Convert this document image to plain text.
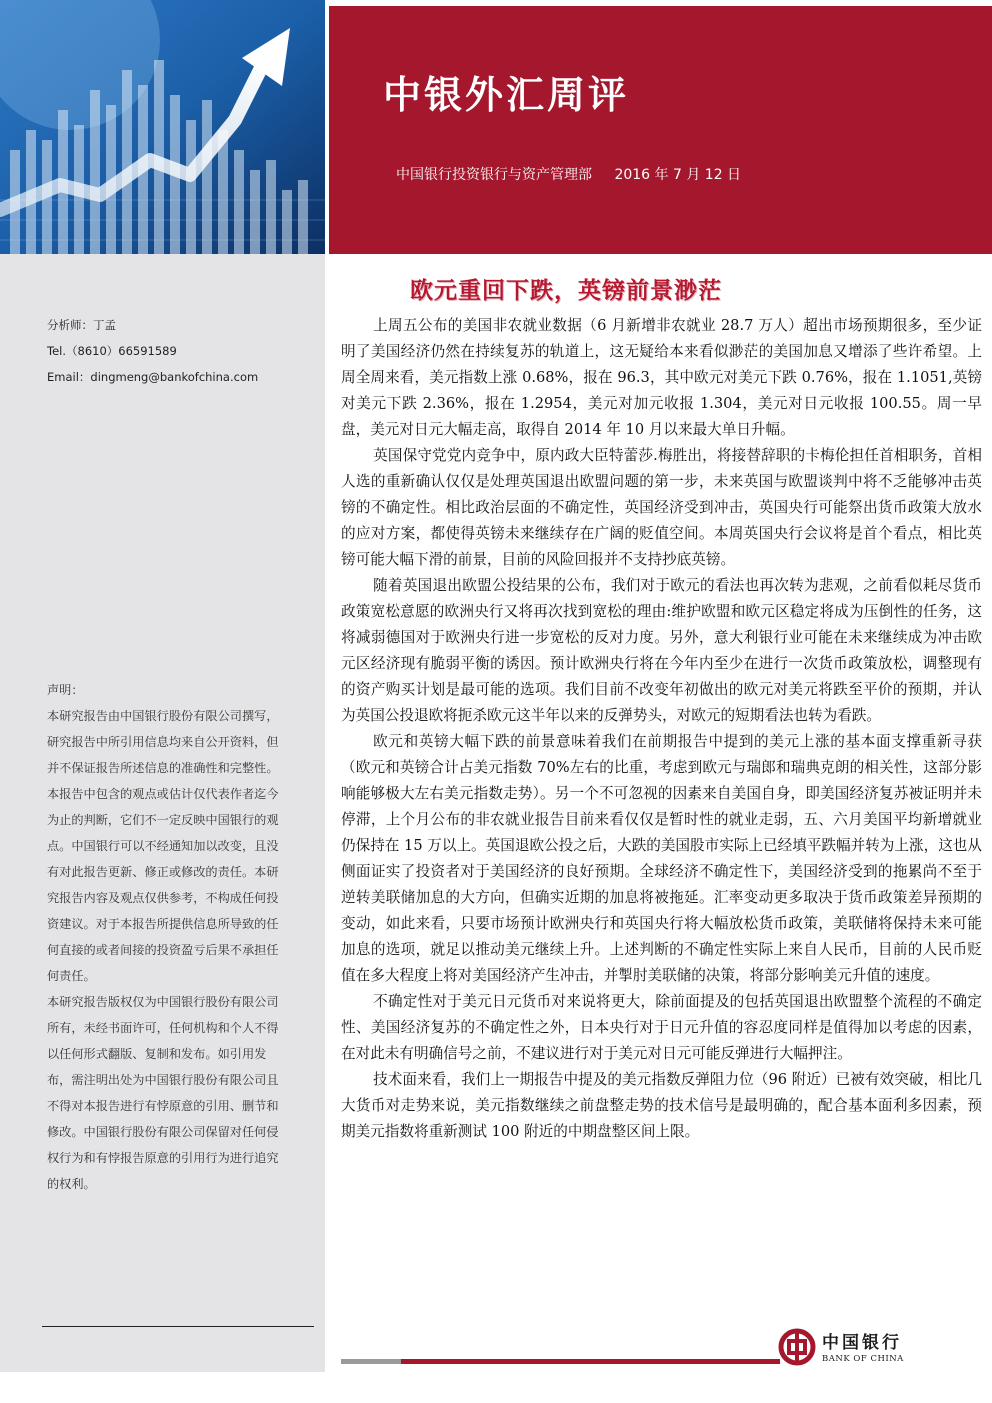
中银外汇周评
中国银行投资银行与资产管理部 2016 年 7 月 12 日
分析师：丁孟
Tel.（8610）66591589
Email：dingmeng@bankofchina.com

声明：

本研究报告由中国银行股份有限公司撰写，研究报告中所引用信息均来自公开资料，但并不保证报告所述信息的准确性和完整性。

本报告中包含的观点或估计仅代表作者迄今为止的判断，它们不一定反映中国银行的观点。中国银行可以不经通知加以改变，且没有对此报告更新、修正或修改的责任。本研究报告内容及观点仅供参考，不构成任何投资建议。对于本报告所提供信息所导致的任何直接的或者间接的投资盈亏后果不承担任何责任。

本研究报告版权仅为中国银行股份有限公司所有，未经书面许可，任何机构和个人不得以任何形式翻版、复制和发布。如引用发布，需注明出处为中国银行股份有限公司且不得对本报告进行有悖原意的引用、删节和修改。中国银行股份有限公司保留对任何侵权行为和有悖报告原意的引用行为进行追究的权利。

欧元重回下跌，英镑前景渺茫

上周五公布的美国非农就业数据（6 月新增非农就业 28.7 万人）超出市场预期很多，至少证明了美国经济仍然在持续复苏的轨道上，这无疑给本来看似渺茫的美国加息又增添了些许希望。上周全周来看，美元指数上涨 0.68%，报在 96.3，其中欧元对美元下跌 0.76%，报在 1.1051,英镑对美元下跌 2.36%，报在 1.2954，美元对加元收报 1.304，美元对日元收报 100.55。周一早盘，美元对日元大幅走高，取得自 2014 年 10 月以来最大单日升幅。

英国保守党党内竞争中，原内政大臣特蕾莎.梅胜出，将接替辞职的卡梅伦担任首相职务，首相人选的重新确认仅仅是处理英国退出欧盟问题的第一步，未来英国与欧盟谈判中将不乏能够冲击英镑的不确定性。相比政治层面的不确定性，英国经济受到冲击，英国央行可能祭出货币政策大放水的应对方案，都使得英镑未来继续存在广阔的贬值空间。本周英国央行会议将是首个看点，相比英镑可能大幅下滑的前景，目前的风险回报并不支持抄底英镑。

随着英国退出欧盟公投结果的公布，我们对于欧元的看法也再次转为悲观，之前看似耗尽货币政策宽松意愿的欧洲央行又将再次找到宽松的理由:维护欧盟和欧元区稳定将成为压倒性的任务，这将减弱德国对于欧洲央行进一步宽松的反对力度。另外，意大利银行业可能在未来继续成为冲击欧元区经济现有脆弱平衡的诱因。预计欧洲央行将在今年内至少在进行一次货币政策放松，调整现有的资产购买计划是最可能的选项。我们目前不改变年初做出的欧元对美元将跌至平价的预期，并认为英国公投退欧将扼杀欧元这半年以来的反弹势头，对欧元的短期看法也转为看跌。

欧元和英镑大幅下跌的前景意味着我们在前期报告中提到的美元上涨的基本面支撑重新寻获（欧元和英镑合计占美元指数 70%左右的比重，考虑到欧元与瑞郎和瑞典克朗的相关性，这部分影响能够极大左右美元指数走势）。另一个不可忽视的因素来自美国自身，即美国经济复苏被证明并未停滞，上个月公布的非农就业报告目前来看仅仅是暂时性的就业走弱，五、六月美国平均新增就业仍保持在 15 万以上。英国退欧公投之后，大跌的美国股市实际上已经填平跌幅并转为上涨，这也从侧面证实了投资者对于美国经济的良好预期。全球经济不确定性下，美国经济受到的拖累尚不至于逆转美联储加息的大方向，但确实近期的加息将被拖延。汇率变动更多取决于货币政策差异预期的变动，如此来看，只要市场预计欧洲央行和英国央行将大幅放松货币政策，美联储将保持未来可能加息的选项，就足以推动美元继续上升。上述判断的不确定性实际上来自人民币，目前的人民币贬值在多大程度上将对美国经济产生冲击，并掣肘美联储的决策，将部分影响美元升值的速度。

不确定性对于美元日元货币对来说将更大，除前面提及的包括英国退出欧盟整个流程的不确定性、美国经济复苏的不确定性之外，日本央行对于日元升值的容忍度同样是值得加以考虑的因素，在对此未有明确信号之前，不建议进行对于美元对日元可能反弹进行大幅押注。

技术面来看，我们上一期报告中提及的美元指数反弹阻力位（96 附近）已被有效突破，相比几大货币对走势来说，美元指数继续之前盘整走势的技术信号是最明确的，配合基本面利多因素，预期美元指数将重新测试 100 附近的中期盘整区间上限。

中国银行
BANK OF CHINA
